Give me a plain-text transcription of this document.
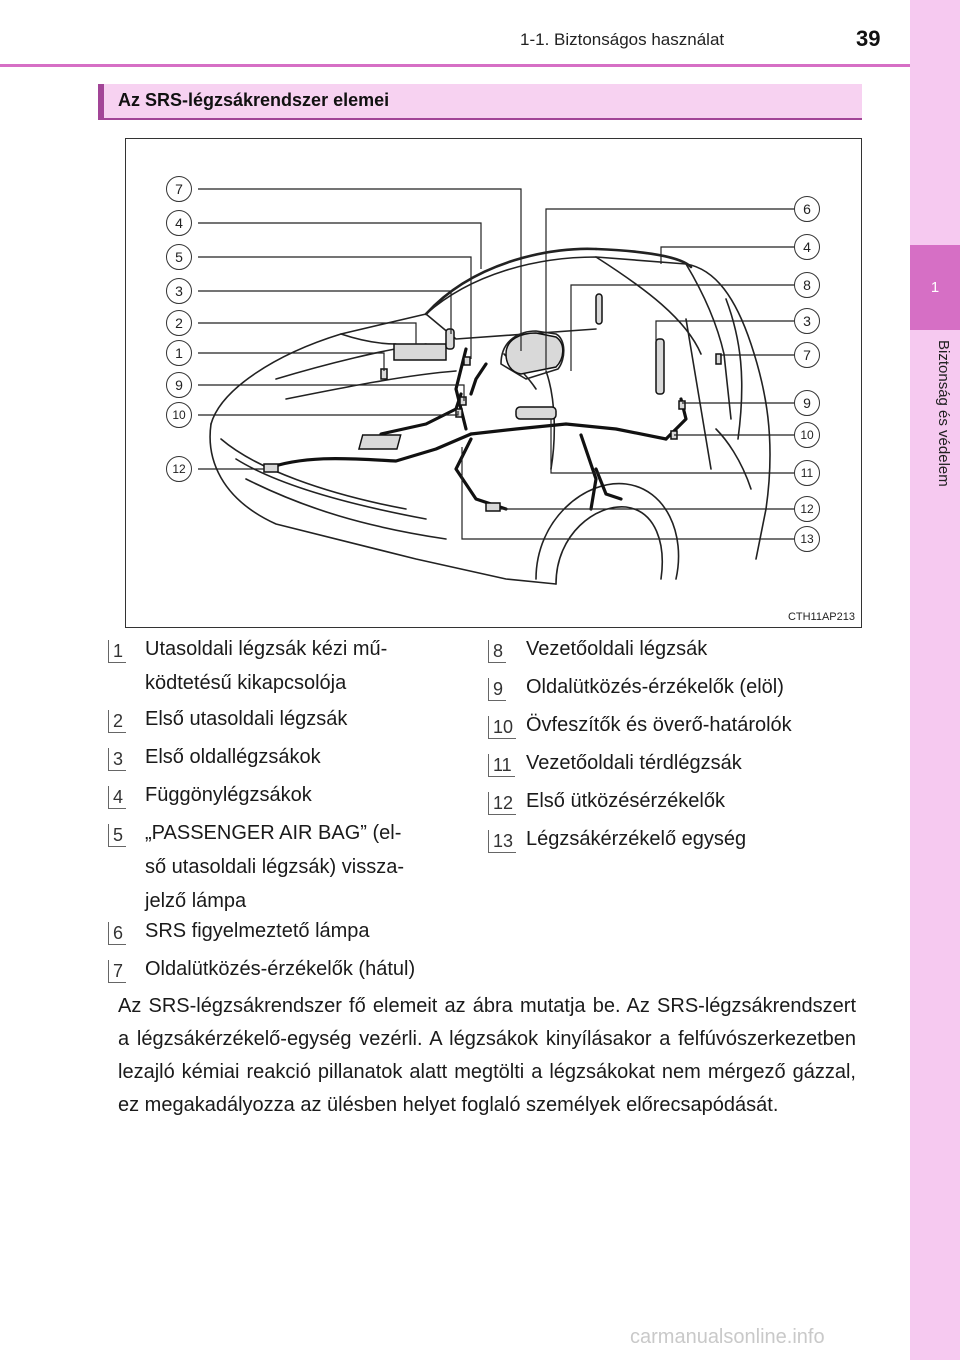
1
Biztonság és védelem
1-1. Biztonságos használat	39
Az SRS-légzsákrendszer elemei
7
4
5
3
2
1
9
10
12
6
4
8
3
7
9
10
11
12
13
CTH11AP213
1 Utasoldali légzsák kézi mű-
ködtetésű kikapcsolója
2 Első utasoldali légzsák
3 Első oldallégzsákok
4 Függönylégzsákok
5 „PASSENGER AIR BAG” (el-
ső utasoldali légzsák) vissza-
jelző lámpa
6 SRS figyelmeztető lámpa
7 Oldalütközés-érzékelők (hátul)
8 Vezetőoldali légzsák
9 Oldalütközés-érzékelők (elöl)
10 Övfeszítők és överő-határolók
11 Vezetőoldali térdlégzsák
12 Első ütközésérzékelők
13 Légzsákérzékelő egység
Az SRS-légzsákrendszer fő elemeit az ábra mutatja be. Az SRS-légzsákrendszert a légzsákérzékelő-egység vezérli. A légzsákok kinyílásakor a felfúvószerkezetben lezajló kémiai reakció pillanatok alatt megtölti a légzsákokat nem mérgező gázzal, ez megakadályozza az ülésben helyet foglaló személyek előrecsapódását.
carmanualsonline.info
